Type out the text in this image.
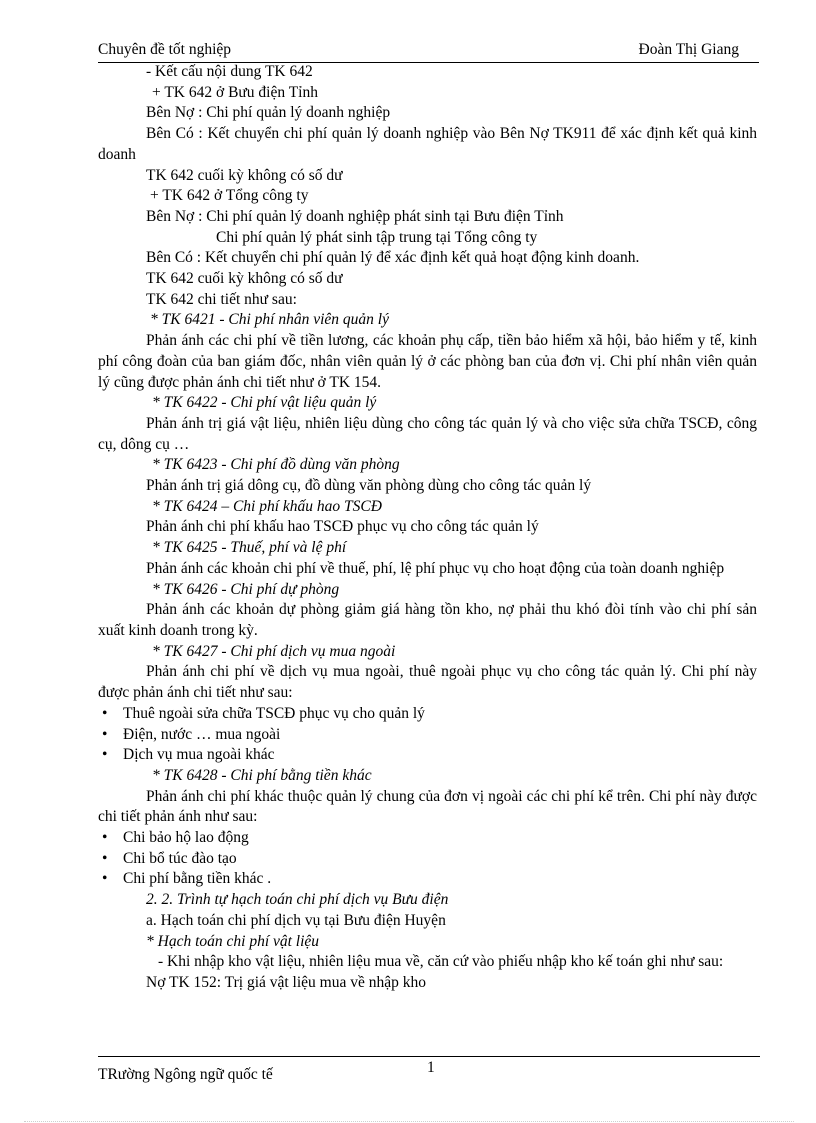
Chuyên đề tốt nghiệp	Đoàn Thị Giang

- Kết cấu nội dung TK 642

+ TK 642 ở Bưu điện Tỉnh

Bên Nợ : Chi phí quản lý doanh nghiệp

Bên Có : Kết chuyển chi phí quản lý doanh nghiệp vào Bên Nợ TK911 để xác định kết quả kinh doanh

TK 642 cuối kỳ không có số dư

+ TK 642 ở Tổng công ty

Bên Nợ : Chi phí quản lý doanh nghiệp phát sinh tại Bưu điện Tỉnh

Chi phí quản lý phát sinh tập trung tại Tổng công ty

Bên Có : Kết chuyển chi phí quản lý để xác định kết quả hoạt động kinh doanh.

TK 642 cuối kỳ không có số dư

TK 642 chi tiết như sau:

* TK 6421 - Chi phí nhân viên quản lý

Phản ánh các chi phí về tiền lương, các khoản phụ cấp, tiền bảo hiểm xã hội, bảo hiểm y tế, kinh phí công đoàn của ban giám đốc, nhân viên quản lý ở các phòng ban của đơn vị. Chi phí nhân viên quản lý cũng được phản ánh chi tiết như ở TK 154.

* TK 6422 - Chi phí vật liệu quản lý

Phản ánh trị giá vật liệu, nhiên liệu dùng cho công tác quản lý và cho việc sửa chữa TSCĐ, công cụ, dông cụ …

* TK 6423 - Chi phí đồ dùng văn phòng

Phản ánh trị giá dông cụ, đồ dùng văn phòng dùng cho công tác quản lý

* TK 6424 – Chi phí khấu hao TSCĐ

Phản ánh chi phí khấu hao TSCĐ phục vụ cho công tác quản lý

* TK 6425 - Thuế, phí và lệ phí

Phản ánh các khoản chi phí về thuế, phí, lệ phí phục vụ cho hoạt động của toàn doanh nghiệp

* TK 6426 - Chi phí dự phòng

Phản ánh các khoản dự phòng giảm giá hàng tồn kho, nợ phải thu khó đòi tính vào chi phí sản xuất kinh doanh trong kỳ.

* TK 6427 - Chi phí dịch vụ mua ngoài

Phản ánh chi phí về dịch vụ mua ngoài, thuê ngoài phục vụ cho công tác quản lý. Chi phí này được phản ánh chi tiết như sau:

• Thuê ngoài sửa chữa TSCĐ phục vụ cho quản lý

• Điện, nước … mua ngoài

• Dịch vụ mua ngoài khác

* TK 6428 - Chi phí bằng tiền khác

Phản ánh chi phí khác thuộc quản lý chung của đơn vị ngoài các chi phí kể trên. Chi phí này được chi tiết phản ánh như sau:

• Chi bảo hộ lao động

• Chi bổ túc đào tạo

• Chi phí bằng tiền khác .

2. 2. Trình tự hạch toán chi phí dịch vụ Bưu điện

a. Hạch toán chi phí dịch vụ tại Bưu điện Huyện

* Hạch toán chi phí vật liệu

- Khi nhập kho vật liệu, nhiên liệu mua về, căn cứ vào phiếu nhập kho kế toán ghi như sau:

Nợ TK 152: Trị giá vật liệu mua về nhập kho

1
TRường Ngông ngữ quốc tế
